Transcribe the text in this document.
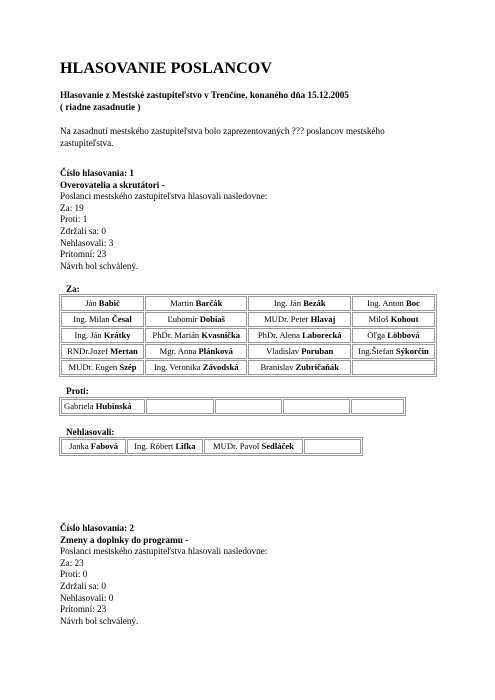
HLASOVANIE POSLANCOV
Hlasovanie z Mestské zastupiteľstvo v Trenčíne, konaného dňa 15.12.2005
( riadne zasadnutie )
Na zasadnutí mestského zastupiteľstva bolo zaprezentovaných ??? poslancov mestského zastupiteľstva.
Číslo hlasovania: 1
Overovatelia a skrutátori -
Poslanci mestského zastupiteľstva hlasovali nasledovne:
Za: 19
Proti: 1
Zdržali sa: 0
Nehlasovali: 3
Prítomní: 23
Návrh bol schválený.
Za:
Ján Babič	Martin Barčák	Ing. Ján Bezák	Ing. Anton Boc
Ing. Milan Česal	Ľubomír Dobiaš	MUDr. Peter Hlavaj	Miloš Kohout
Ing. Ján Krátky	PhDr. Marián Kvasnička	PhDr. Alena Laborecká	Oľga Löbbová
RNDr.Jozef Mertan	Mgr. Anna Plánková	Vladislav Poruban	Ing.Štefan Sýkorčin
MUDr. Eugen Szép	Ing. Veronika Závodská	Branislav Zubričaňák	
Proti:
Gabriela Hubinská				
Nehlasovali:
Janka Fabová	Ing. Róbert Lifka	MUDr. Pavol Sedláček	
Číslo hlasovania: 2
Zmeny a doplnky do programu -
Poslanci mestského zastupiteľstva hlasovali nasledovne:
Za: 23
Proti: 0
Zdržali sa: 0
Nehlasovali: 0
Prítomní: 23
Návrh bol schválený.
